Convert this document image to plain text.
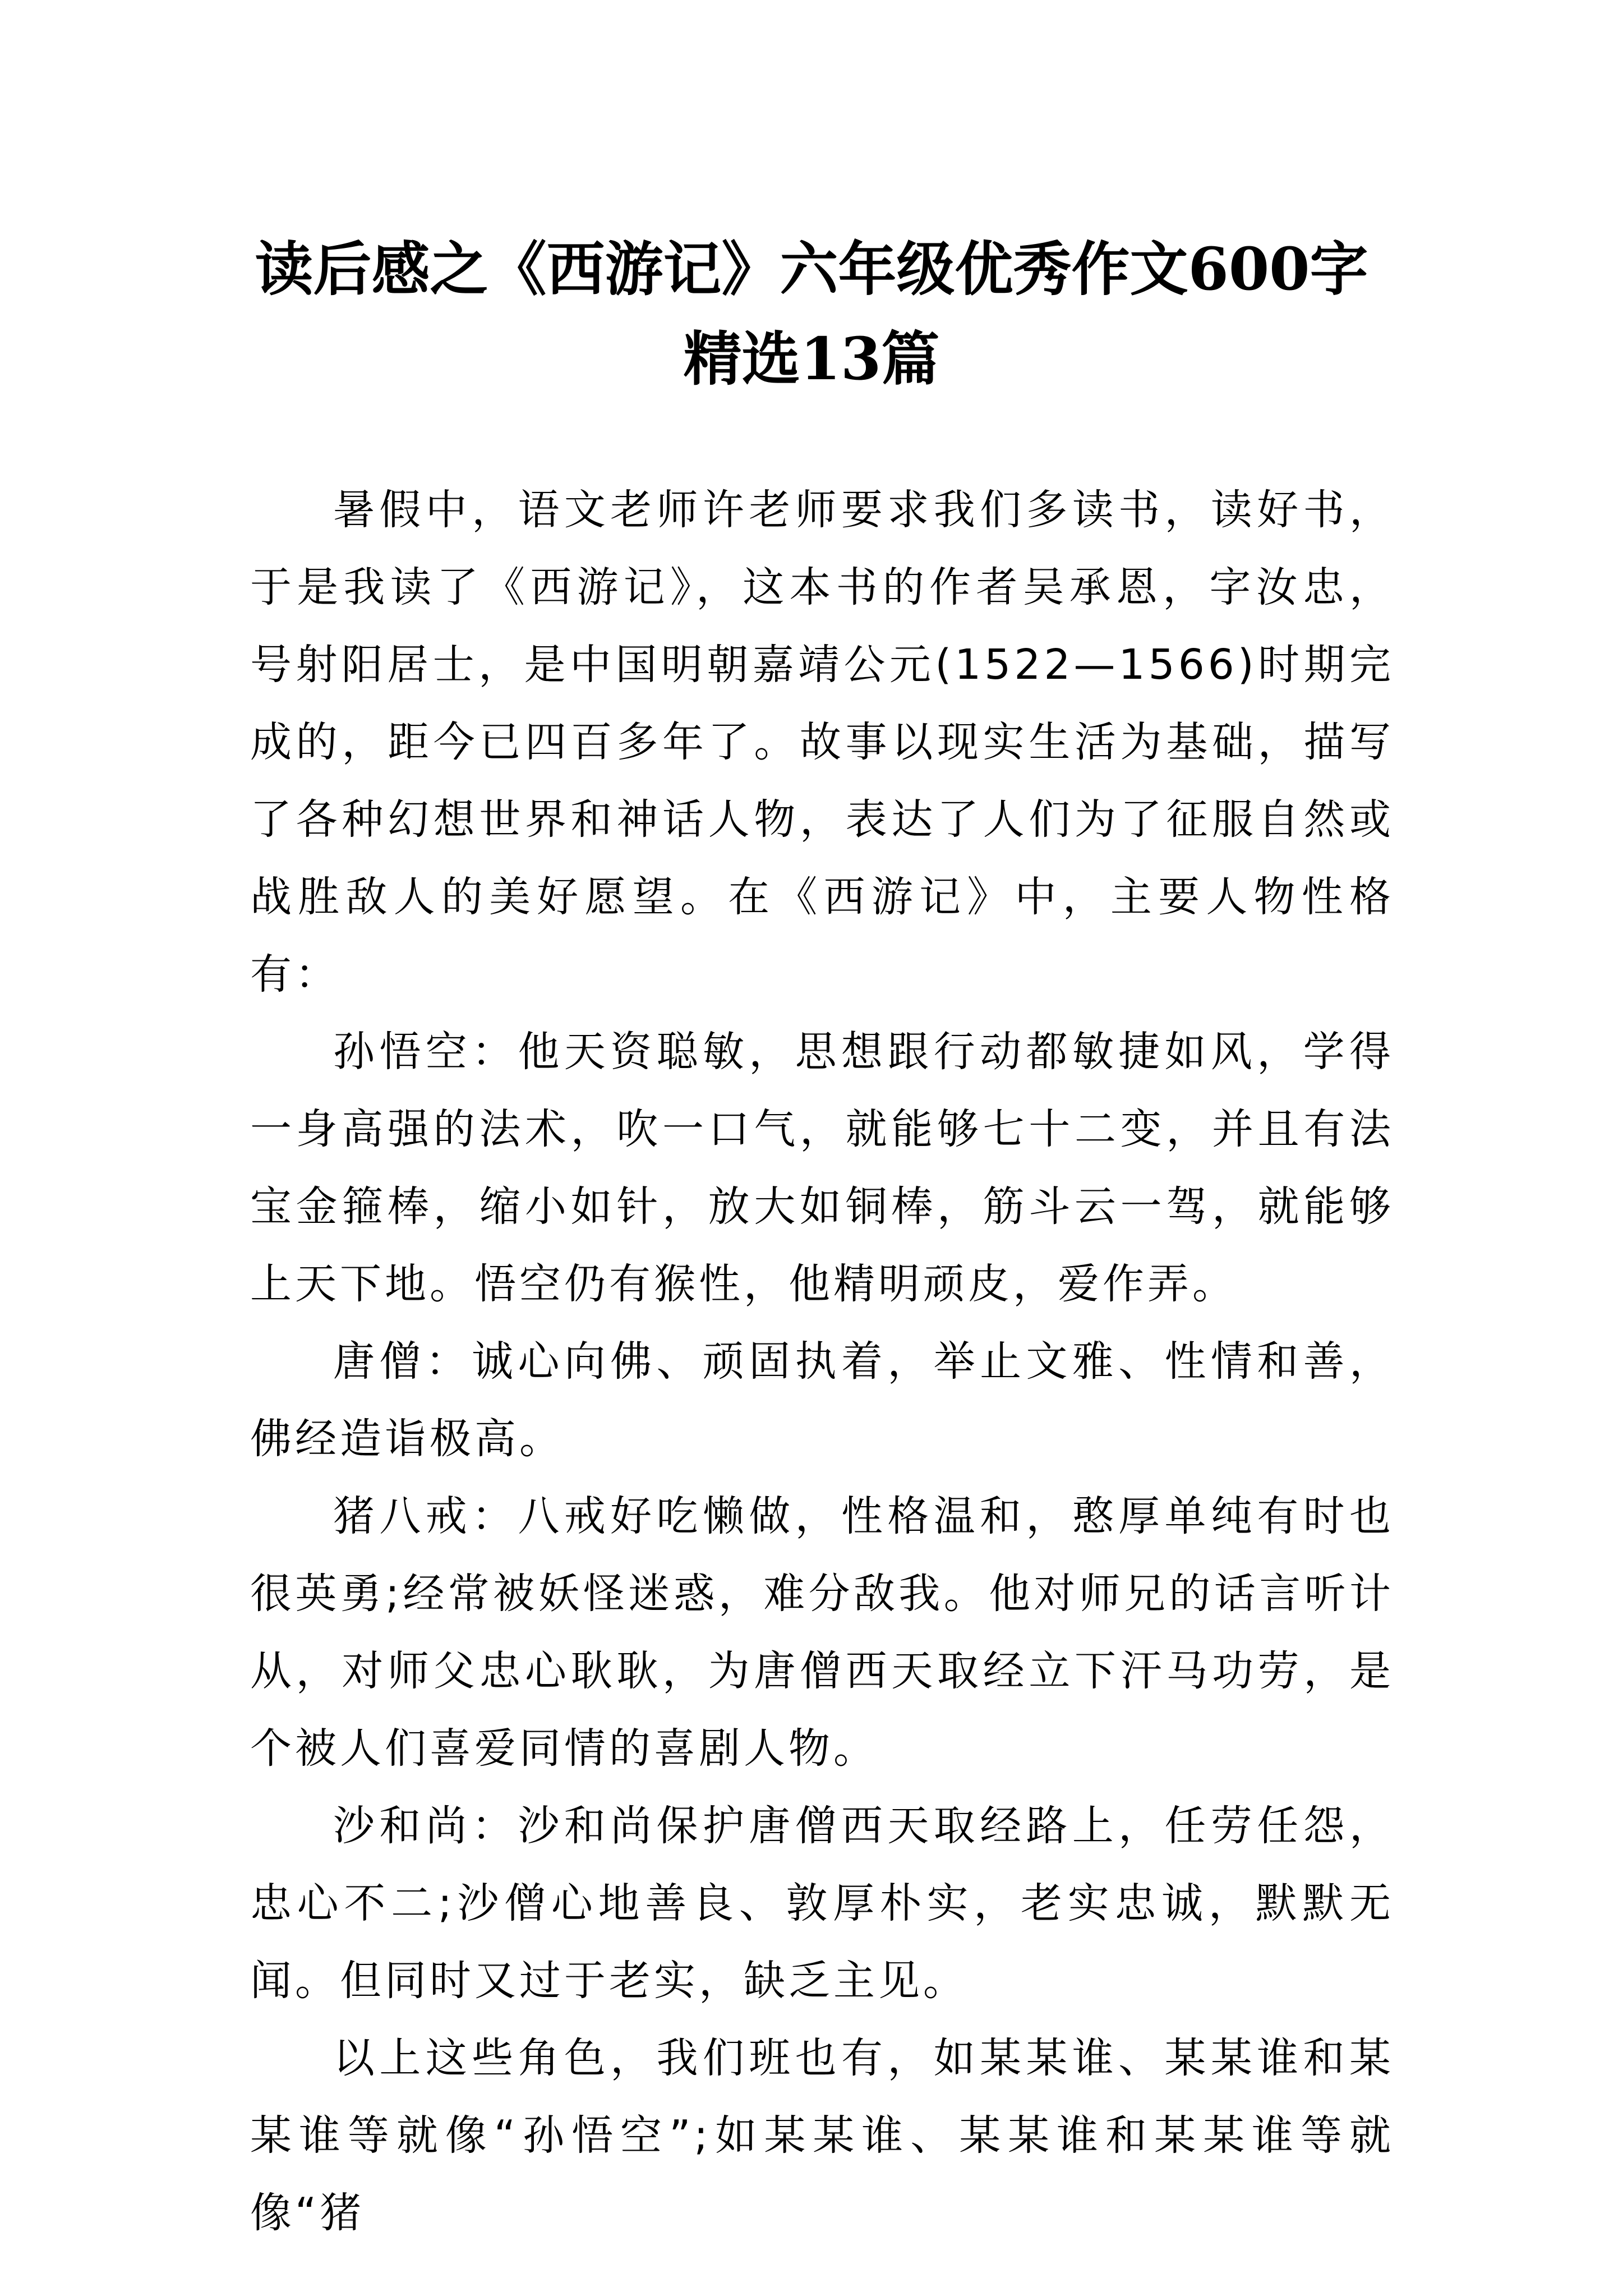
读后感之《西游记》六年级优秀作文600字
精选13篇

暑假中，语文老师许老师要求我们多读书，读好书，于是我读了《西游记》，这本书的作者吴承恩，字汝忠，号射阳居士，是中国明朝嘉靖公元(1522—1566)时期完成的，距今已四百多年了。故事以现实生活为基础，描写了各种幻想世界和神话人物，表达了人们为了征服自然或战胜敌人的美好愿望。在《西游记》中，主要人物性格有：

孙悟空：他天资聪敏，思想跟行动都敏捷如风，学得一身高强的法术，吹一口气，就能够七十二变，并且有法宝金箍棒，缩小如针，放大如铜棒，筋斗云一驾，就能够上天下地。悟空仍有猴性，他精明顽皮，爱作弄。

唐僧：诚心向佛、顽固执着，举止文雅、性情和善，佛经造诣极高。

猪八戒：八戒好吃懒做，性格温和，憨厚单纯有时也很英勇;经常被妖怪迷惑，难分敌我。他对师兄的话言听计从，对师父忠心耿耿，为唐僧西天取经立下汗马功劳，是个被人们喜爱同情的喜剧人物。

沙和尚：沙和尚保护唐僧西天取经路上，任劳任怨，忠心不二;沙僧心地善良、敦厚朴实，老实忠诚，默默无闻。但同时又过于老实，缺乏主见。

以上这些角色，我们班也有，如某某谁、某某谁和某某谁等就像“孙悟空”;如某某谁、某某谁和某某谁等就像“猪
